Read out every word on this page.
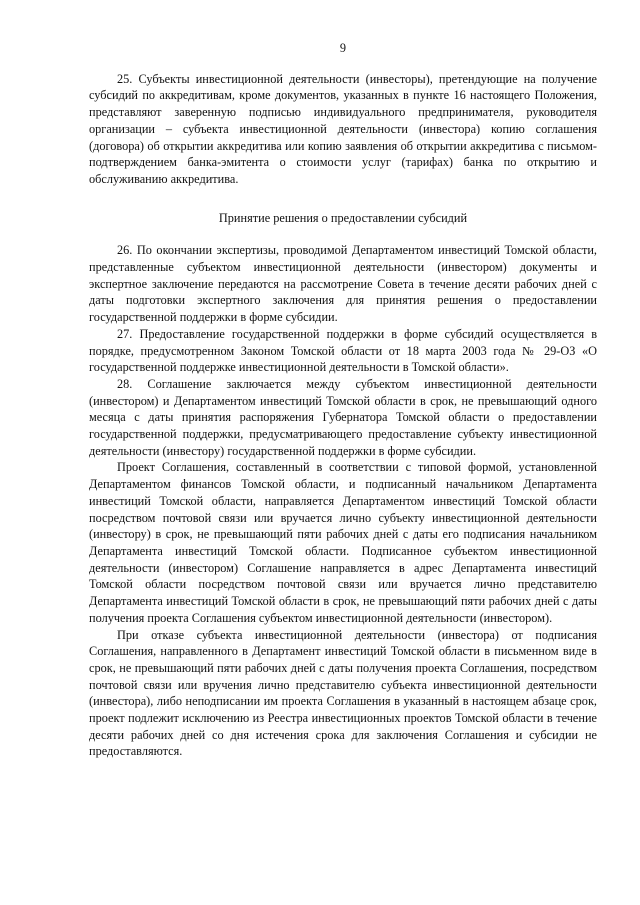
9

25. Субъекты инвестиционной деятельности (инвесторы), претендующие на получение субсидий по аккредитивам, кроме документов, указанных в пункте 16 настоящего Положения, представляют заверенную подписью индивидуального предпринимателя, руководителя организации – субъекта инвестиционной деятельности (инвестора) копию соглашения (договора) об открытии аккредитива или копию заявления об открытии аккредитива с письмом-подтверждением банка-эмитента о стоимости услуг (тарифах) банка по открытию и обслуживанию аккредитива.

Принятие решения о предоставлении субсидий

26. По окончании экспертизы, проводимой Департаментом инвестиций Томской области, представленные субъектом инвестиционной деятельности (инвестором) документы и экспертное заключение передаются на рассмотрение Совета в течение десяти рабочих дней с даты подготовки экспертного заключения для принятия решения о предоставлении государственной поддержки в форме субсидии.

27. Предоставление государственной поддержки в форме субсидий осуществляется в порядке, предусмотренном Законом Томской области от 18 марта 2003 года № 29-ОЗ «О государственной поддержке инвестиционной деятельности в Томской области».

28. Соглашение заключается между субъектом инвестиционной деятельности (инвестором) и Департаментом инвестиций Томской области в срок, не превышающий одного месяца с даты принятия распоряжения Губернатора Томской области о предоставлении государственной поддержки, предусматривающего предоставление субъекту инвестиционной деятельности (инвестору) государственной поддержки в форме субсидии.

Проект Соглашения, составленный в соответствии с типовой формой, установленной Департаментом финансов Томской области, и подписанный начальником Департамента инвестиций Томской области, направляется Департаментом инвестиций Томской области посредством почтовой связи или вручается лично субъекту инвестиционной деятельности (инвестору) в срок, не превышающий пяти рабочих дней с даты его подписания начальником Департамента инвестиций Томской области. Подписанное субъектом инвестиционной деятельности (инвестором) Соглашение направляется в адрес Департамента инвестиций Томской области посредством почтовой связи или вручается лично представителю Департамента инвестиций Томской области в срок, не превышающий пяти рабочих дней с даты получения проекта Соглашения субъектом инвестиционной деятельности (инвестором).

При отказе субъекта инвестиционной деятельности (инвестора) от подписания Соглашения, направленного в Департамент инвестиций Томской области в письменном виде в срок, не превышающий пяти рабочих дней с даты получения проекта Соглашения, посредством почтовой связи или вручения лично представителю субъекта инвестиционной деятельности (инвестора), либо неподписании им проекта Соглашения в указанный в настоящем абзаце срок, проект подлежит исключению из Реестра инвестиционных проектов Томской области в течение десяти рабочих дней со дня истечения срока для заключения Соглашения и субсидии не предоставляются.
